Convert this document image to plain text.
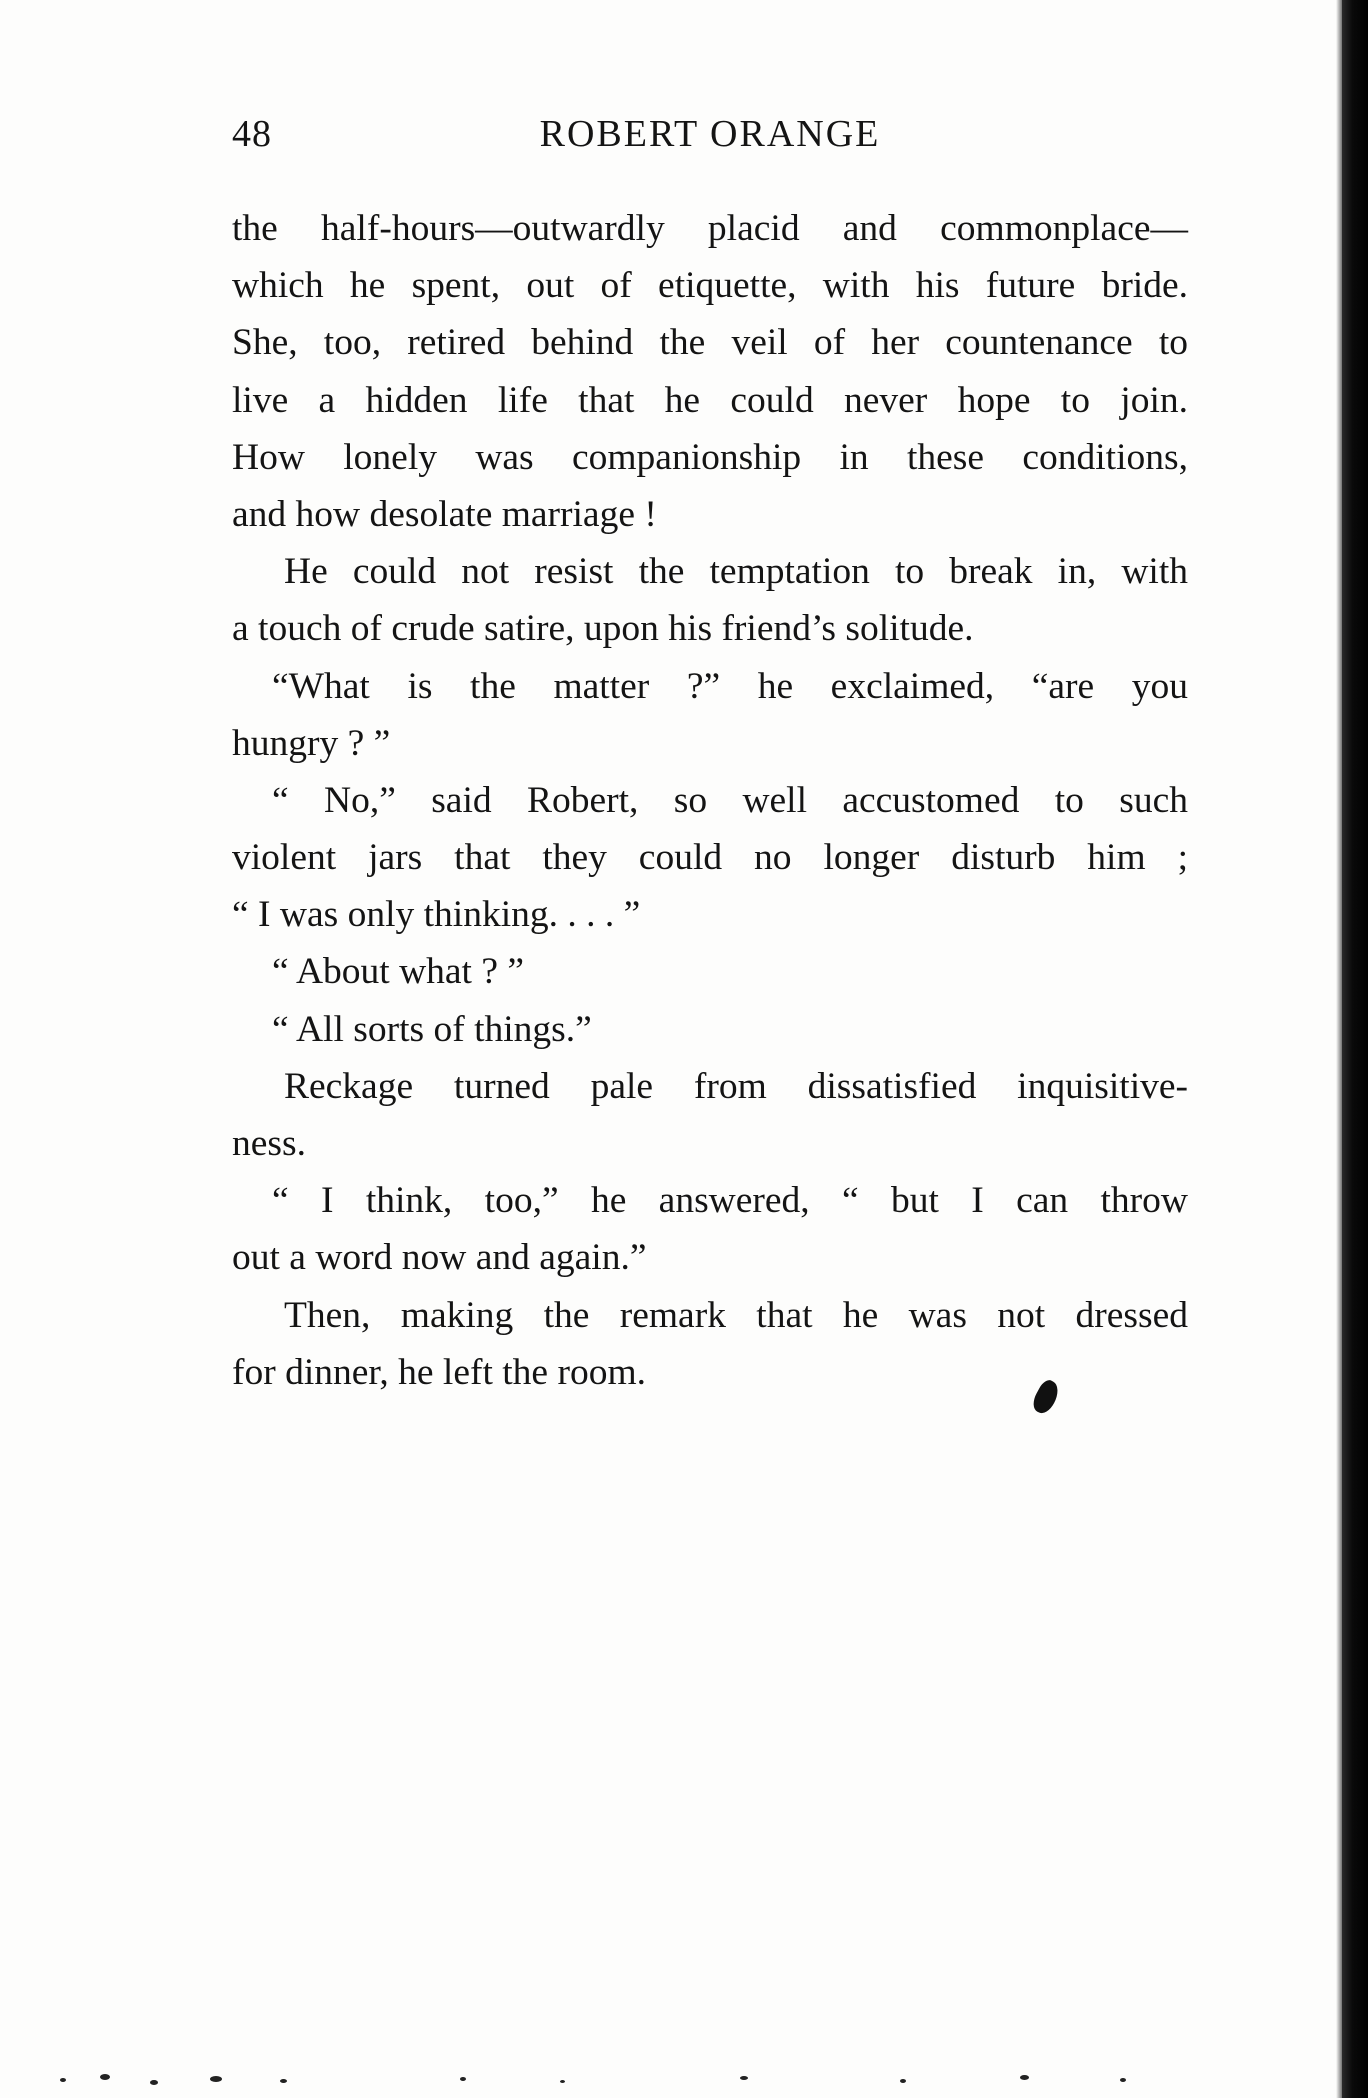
48	ROBERT ORANGE
the half-hours—outwardly placid and commonplace—
which he spent, out of etiquette, with his future bride.
She, too, retired behind the veil of her countenance to
live a hidden life that he could never hope to join.
How lonely was companionship in these conditions,
and how desolate marriage !
He could not resist the temptation to break in, with
a touch of crude satire, upon his friend’s solitude.
“What is the matter ?” he exclaimed, “are you
hungry ? ”
“ No,” said Robert, so well accustomed to such
violent jars that they could no longer disturb him ;
“ I was only thinking. . . . ”
“ About what ? ”
“ All sorts of things.”
Reckage turned pale from dissatisfied inquisitive-
ness.
“ I think, too,” he answered, “ but I can throw
out a word now and again.”
Then, making the remark that he was not dressed
for dinner, he left the room.
